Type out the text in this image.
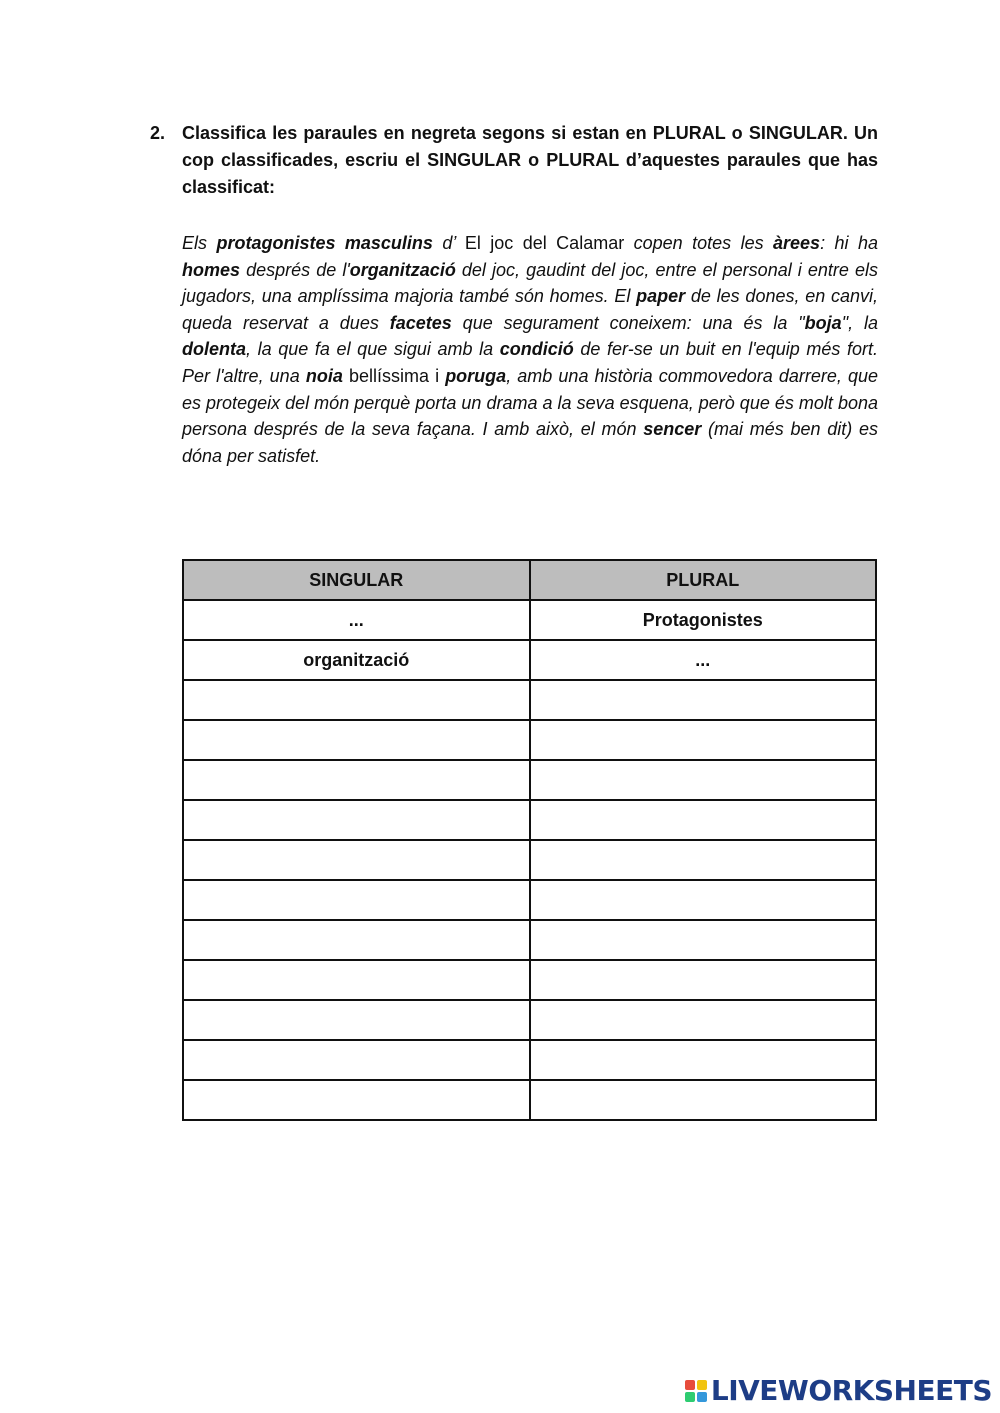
2. Classifica les paraules en negreta segons si estan en PLURAL o SINGULAR. Un cop classificades, escriu el SINGULAR o PLURAL d’aquestes paraules que has classificat:
Els protagonistes masculins d’ El joc del Calamar copen totes les àrees: hi ha homes després de l'organització del joc, gaudint del joc, entre el personal i entre els jugadors, una amplíssima majoria també són homes. El paper de les dones, en canvi, queda reservat a dues facetes que segurament coneixem: una és la "boja", la dolenta, la que fa el que sigui amb la condició de fer-se un buit en l'equip més fort. Per l'altre, una noia bellíssima i poruga, amb una història commovedora darrere, que es protegeix del món perquè porta un drama a la seva esquena, però que és molt bona persona després de la seva façana. I amb això, el món sencer (mai més ben dit) es dóna per satisfet.
SINGULAR	PLURAL
...	Protagonistes
organització	...

LIVEWORKSHEETS
